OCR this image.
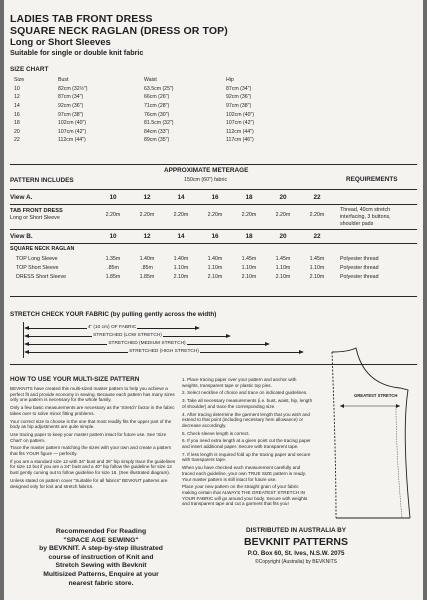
LADIES TAB FRONT DRESS
SQUARE NECK RAGLAN (DRESS OR TOP)
Long or Short Sleeves
Suitable for single or double knit fabric
SIZE CHART
Size	Bust	Waist	Hip
10	82cm (32½")	63.5cm (25")	87cm (34")
12	87cm (34")	66cm (26")	92cm (36")
14	92cm (36")	71cm (28")	97cm (38")
16	97cm (38")	76cm (30")	102cm (40")
18	102cm (40")	81.5cm (32")	107cm (42")
20	107cm (42")	84cm (33")	112cm (44")
22	112cm (44")	89cm (35")	117cm (46")
APPROXIMATE METERAGE
150cm (60") fabric
PATTERN INCLUDES	REQUIREMENTS
View A.	10	12	14	16	18	20	22
TAB FRONT DRESS
Long or Short Sleeve	2.20m	2.20m	2.20m	2.20m	2.20m	2.20m	2.20m
Thread, 40cm stretch
interfacing, 3 buttons,
shoulder pads
View B.	10	12	14	16	18	20	22
SQUARE NECK RAGLAN
TOP Long Sleeve	1.35m	1.40m	1.40m	1.40m	1.45m	1.45m	1.45m	Polyester thread
TOP Short Sleeve	.85m	.85m	1.10m	1.10m	1.10m	1.10m	1.10m	Polyester thread
DRESS Short Sleeve	1.85m	1.85m	2.10m	2.10m	2.10m	2.10m	2.10m	Polyester thread
STRETCH CHECK YOUR FABRIC (by pulling gently across the width)
4" (10 cm) OF FABRIC
STRETCHED (LOW STRETCH)
STRETCHED (MEDIUM STRETCH)
STRETCHED (HIGH STRETCH)
HOW TO USE YOUR MULTI-SIZE PATTERN
BEVKNITS have created this multi-sized master pattern to help you achieve a perfect fit and provide economy in sewing. Because each pattern has many sizes only one pattern is necessary for the whole family.
Only a few basic measurements are necessary as the 'Stretch' factor in the fabric takes over to solve minor fitting problems.
Your correct size to choose is the one that most readily fits the upper part of the body as hip adjustments are quite simple.
Use tracing paper to keep your master pattern intact for future use. See 'Size Chart' on pattern.
Trace the master pattern matching the sizes with your own and create a pattern that fits YOUR figure — perfectly.
If you are a standard size 12 with 34" bust and 36" hip simply trace the guidelines for size 12 but if you are a 34" bust and a 40" hip follow the guideline for size 12 bust gently curving out to follow guideline for size 18. (See illustrated diagram).
Unless stated on pattern cover "Suitable for all fabrics" BEVKNIT patterns are designed only for knit and stretch fabrics.
1. Place tracing paper over your pattern and anchor with weights, transparent tape or plastic top pins.
2. Select neckline of choice and trace on indicated guidelines.
3. Take all necessary measurements (i.e. bust, waist, hip, length of shoulder) and trace the corresponding size.
4. After tracing determine the garment length that you wish and extend to that point (including necessary hem allowance) or decrease accordingly.
5. Check sleeve length is correct.
6. If you need extra length at a given point cut the tracing paper and insert additional paper. Secure with transparent tape.
7. If less length is required fold up the tracing paper and secure with transparent tape.
When you have checked each measurement carefully and traced each guideline, your own TRUE SIZE pattern is ready. Your master pattern is still intact for future use.
Place your new pattern on the straight grain of your fabric making certain that ALWAYS THE GREATEST STRETCH IN YOUR FABRIC will go around your body. Secure with weights and transparent tape and cut a garment that fits you!
GREATEST STRETCH
Recommended For Reading
"SPACE AGE SEWING"
by BEVKNIT. A step-by-step illustrated
course of instruction of Knit and
Stretch Sewing with Bevknit
Multisized Patterns, Enquire at your
nearest fabric store.
DISTRIBUTED IN AUSTRALIA BY
BEVKNIT PATTERNS
P.O. Box 60, St. Ives, N.S.W. 2075
©Copyright (Australia) by BEVKNITS
